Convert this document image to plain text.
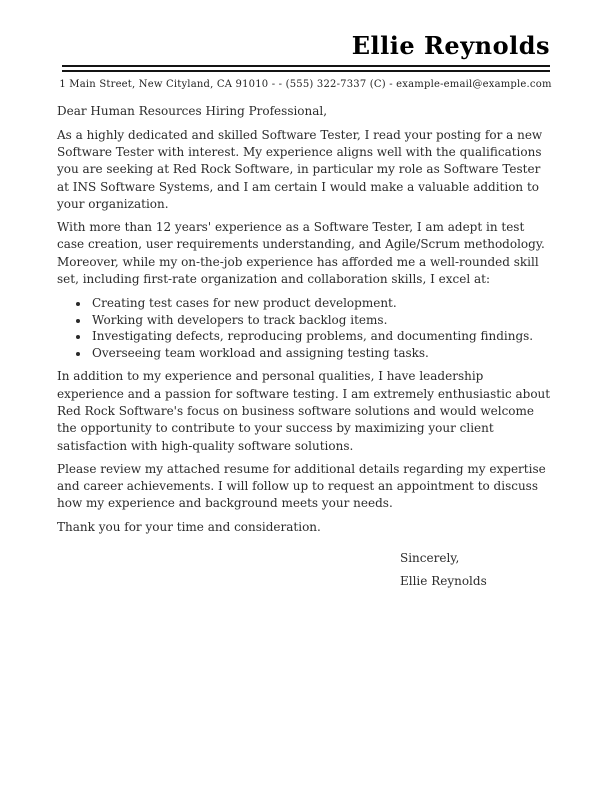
Ellie Reynolds
1 Main Street, New Cityland, CA 91010 - - (555) 322-7337 (C) - example-email@example.com

Dear Human Resources Hiring Professional,

As a highly dedicated and skilled Software Tester, I read your posting for a new Software Tester with interest. My experience aligns well with the qualifications you are seeking at Red Rock Software, in particular my role as Software Tester at INS Software Systems, and I am certain I would make a valuable addition to your organization.

With more than 12 years' experience as a Software Tester, I am adept in test case creation, user requirements understanding, and Agile/Scrum methodology. Moreover, while my on-the-job experience has afforded me a well-rounded skill set, including first-rate organization and collaboration skills, I excel at:

• Creating test cases for new product development.
• Working with developers to track backlog items.
• Investigating defects, reproducing problems, and documenting findings.
• Overseeing team workload and assigning testing tasks.

In addition to my experience and personal qualities, I have leadership experience and a passion for software testing. I am extremely enthusiastic about Red Rock Software's focus on business software solutions and would welcome the opportunity to contribute to your success by maximizing your client satisfaction with high-quality software solutions.

Please review my attached resume for additional details regarding my expertise and career achievements. I will follow up to request an appointment to discuss how my experience and background meets your needs.

Thank you for your time and consideration.

Sincerely,

Ellie Reynolds
